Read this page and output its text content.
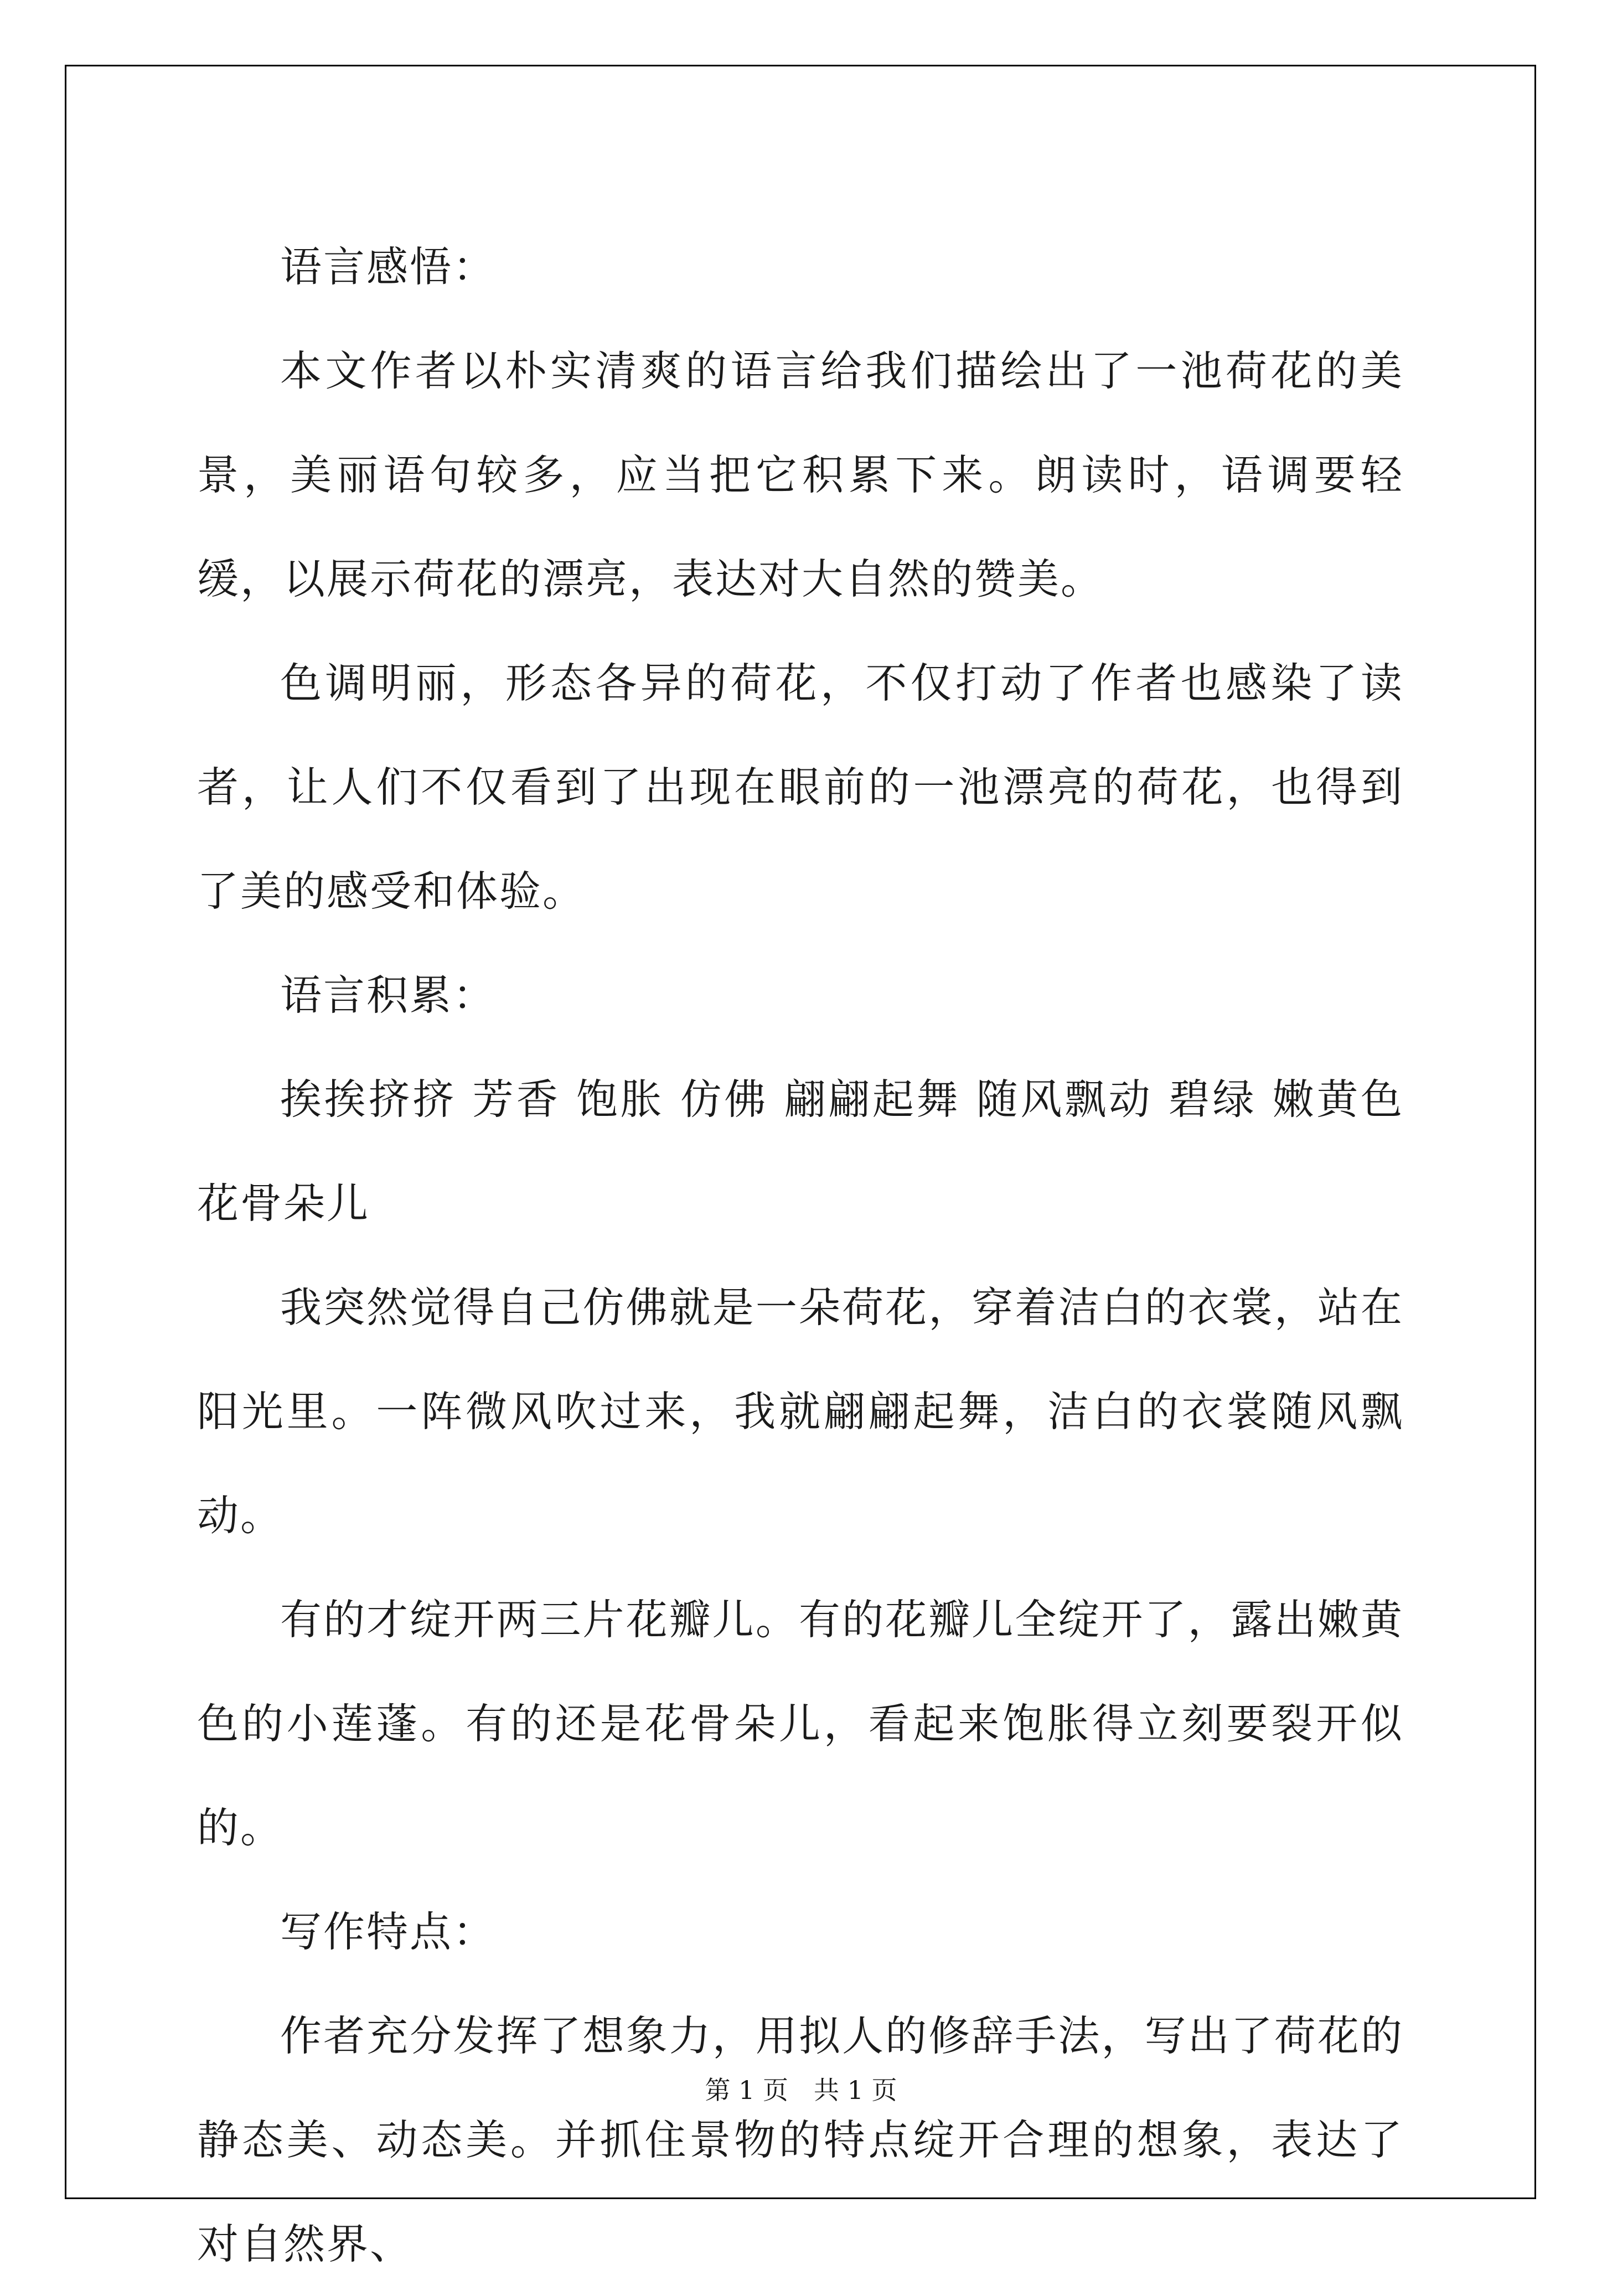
语言感悟：

本文作者以朴实清爽的语言给我们描绘出了一池荷花的美景，美丽语句较多，应当把它积累下来。朗读时，语调要轻缓，以展示荷花的漂亮，表达对大自然的赞美。

色调明丽，形态各异的荷花，不仅打动了作者也感染了读者，让人们不仅看到了出现在眼前的一池漂亮的荷花，也得到了美的感受和体验。

语言积累：

挨挨挤挤 芳香 饱胀 仿佛 翩翩起舞 随风飘动 碧绿 嫩黄色 花骨朵儿

我突然觉得自己仿佛就是一朵荷花，穿着洁白的衣裳，站在阳光里。一阵微风吹过来，我就翩翩起舞，洁白的衣裳随风飘动。

有的才绽开两三片花瓣儿。有的花瓣儿全绽开了，露出嫩黄色的小莲蓬。有的还是花骨朵儿，看起来饱胀得立刻要裂开似的。

写作特点：

作者充分发挥了想象力，用拟人的修辞手法，写出了荷花的静态美、动态美。并抓住景物的特点绽开合理的想象，表达了对自然界、

第 1 页　共 1 页
